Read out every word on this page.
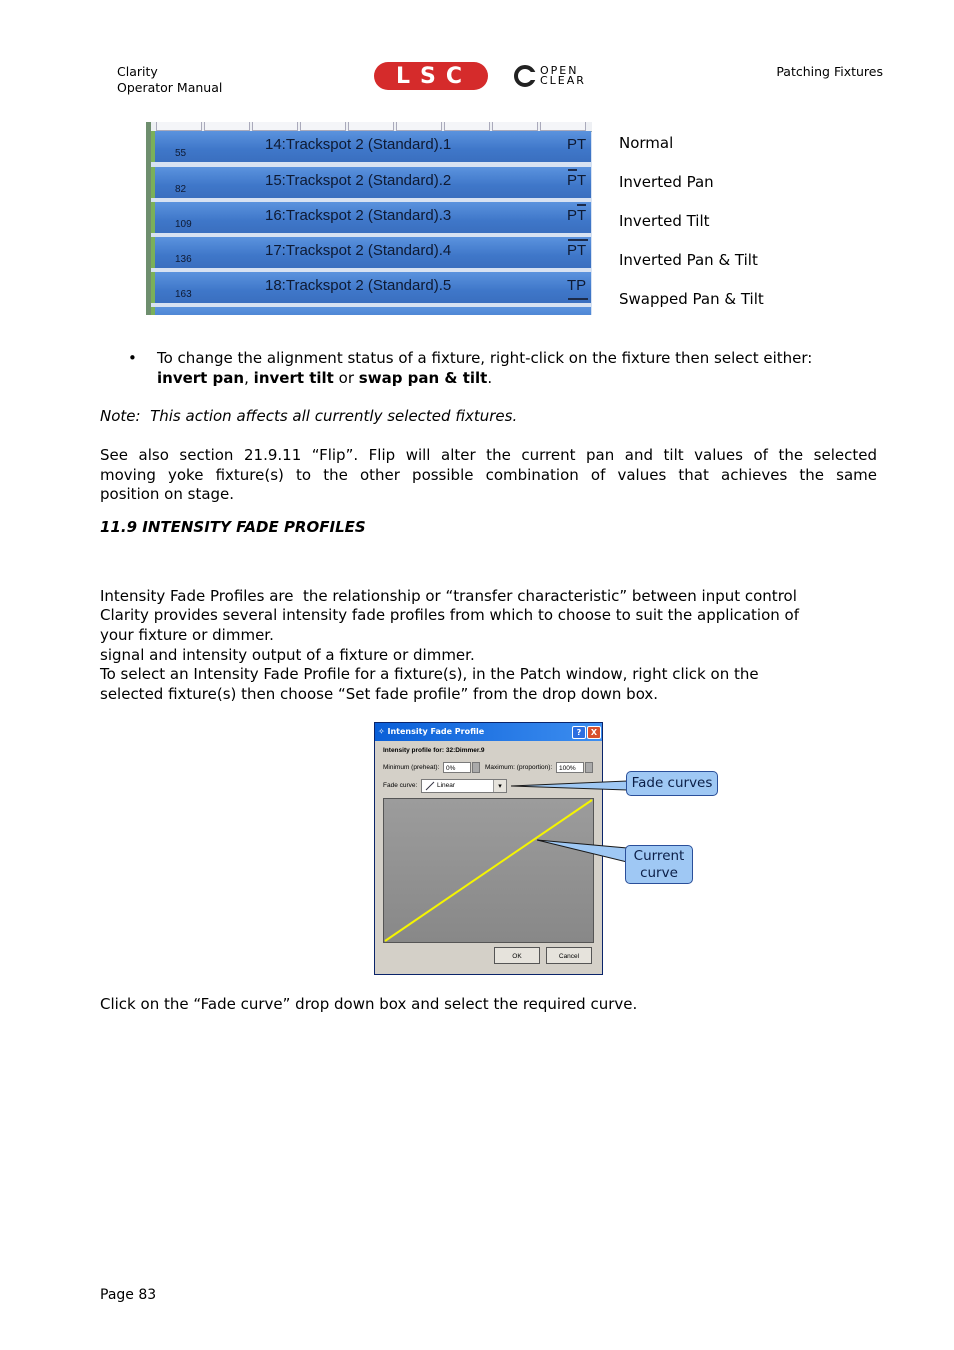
Clarity
Operator Manual	LSC	OPEN
CLEAR
Patching Fixtures
55
14:Trackspot 2 (Standard).1	PT
82
15:Trackspot 2 (Standard).2	PT
109
16:Trackspot 2 (Standard).3	PT
136
17:Trackspot 2 (Standard).4	PT
163
18:Trackspot 2 (Standard).5	TP
Normal
Inverted Pan
Inverted Tilt
Inverted Pan & Tilt
Swapped Pan & Tilt
• To change the alignment status of a fixture, right-click on the fixture then select either:
invert pan, invert tilt or swap pan & tilt.
Note:  This action affects all currently selected fixtures.
See also section 21.9.11 “Flip”. Flip will alter the current pan and tilt values of the selected
moving yoke fixture(s) to the other possible combination of values that achieves the same
position on stage.
11.9 INTENSITY FADE PROFILES

Intensity Fade Profiles are  the relationship or “transfer characteristic” between input control

signal and intensity output of a fixture or dimmer.

Clarity provides several intensity fade profiles from which to choose to suit the application of
your fixture or dimmer.
To select an Intensity Fade Profile for a fixture(s), in the Patch window, right click on the
selected fixture(s) then choose “Set fade profile” from the drop down box.
✧ Intensity Fade Profile	?	X
Intensity profile for: 32:Dimmer.9
Minimum (preheat):	0%	Maximum: (proportion):	100%
Fade curve:	Linear	▾
OK	Cancel
Fade curves
Current
curve
Click on the “Fade curve” drop down box and select the required curve.
Page 83
